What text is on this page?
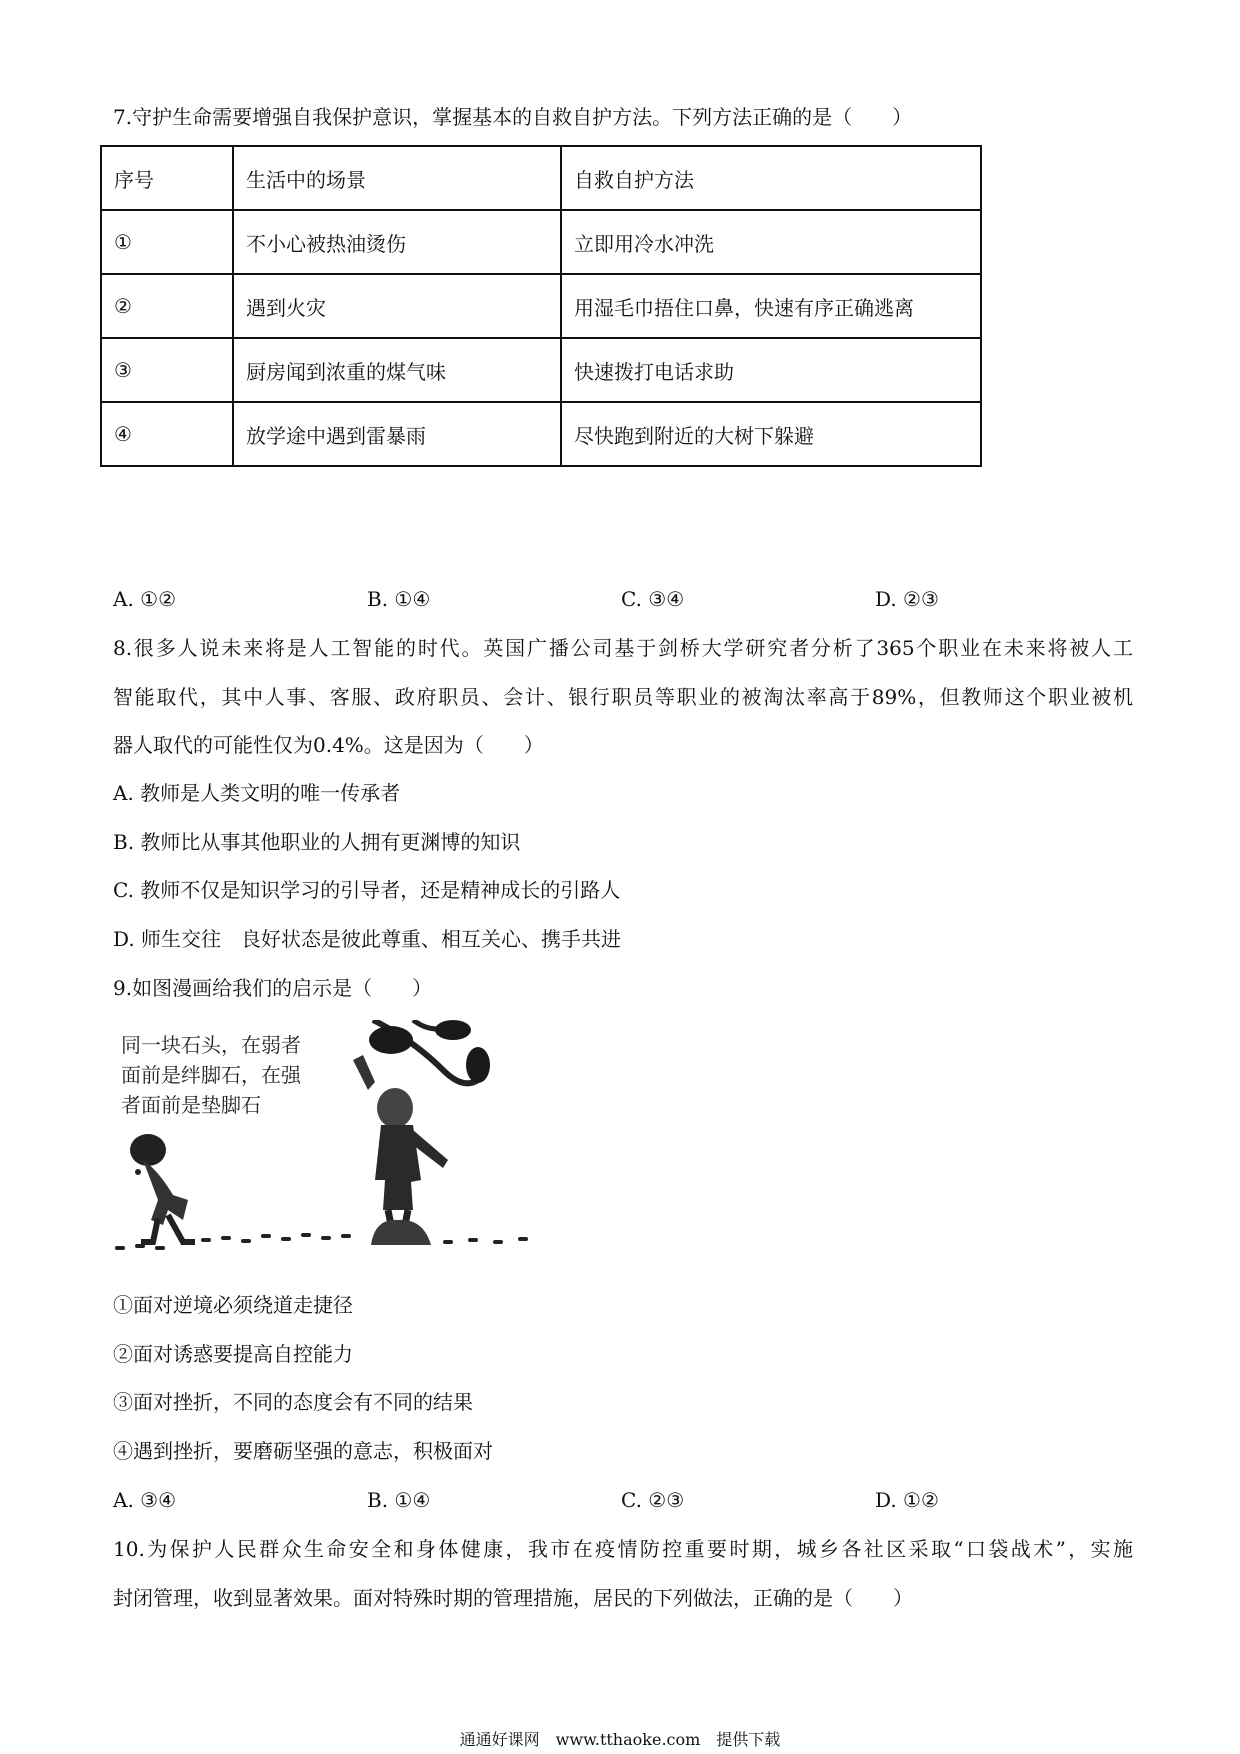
7.守护生命需要增强自我保护意识，掌握基本的自救自护方法。下列方法正确的是（　　）
序号	生活中的场景	自救自护方法
①	不小心被热油烫伤	立即用冷水冲洗
②	遇到火灾	用湿毛巾捂住口鼻，快速有序正确逃离
③	厨房闻到浓重的煤气味	快速拨打电话求助
④	放学途中遇到雷暴雨	尽快跑到附近的大树下躲避
A. ①②	B. ①④	C. ③④	D. ②③
8.很多人说未来将是人工智能的时代。英国广播公司基于剑桥大学研究者分析了365个职业在未来将被人工
智能取代，其中人事、客服、政府职员、会计、银行职员等职业的被淘汰率高于89%，但教师这个职业被机
器人取代的可能性仅为0.4%。这是因为（　　）
A. 教师是人类文明的唯一传承者
B. 教师比从事其他职业的人拥有更渊博的知识
C. 教师不仅是知识学习的引导者，还是精神成长的引路人
D. 师生交往　良好状态是彼此尊重、相互关心、携手共进
9.如图漫画给我们的启示是（　　）
同一块石头，在弱者
面前是绊脚石，在强
者面前是垫脚石
①面对逆境必须绕道走捷径
②面对诱惑要提高自控能力
③面对挫折，不同的态度会有不同的结果
④遇到挫折，要磨砺坚强的意志，积极面对
A. ③④	B. ①④	C. ②③	D. ①②
10.为保护人民群众生命安全和身体健康，我市在疫情防控重要时期，城乡各社区采取“口袋战术”，实施
封闭管理，收到显著效果。面对特殊时期的管理措施，居民的下列做法，正确的是（　　）
通通好课网　www.tthaoke.com　提供下载
